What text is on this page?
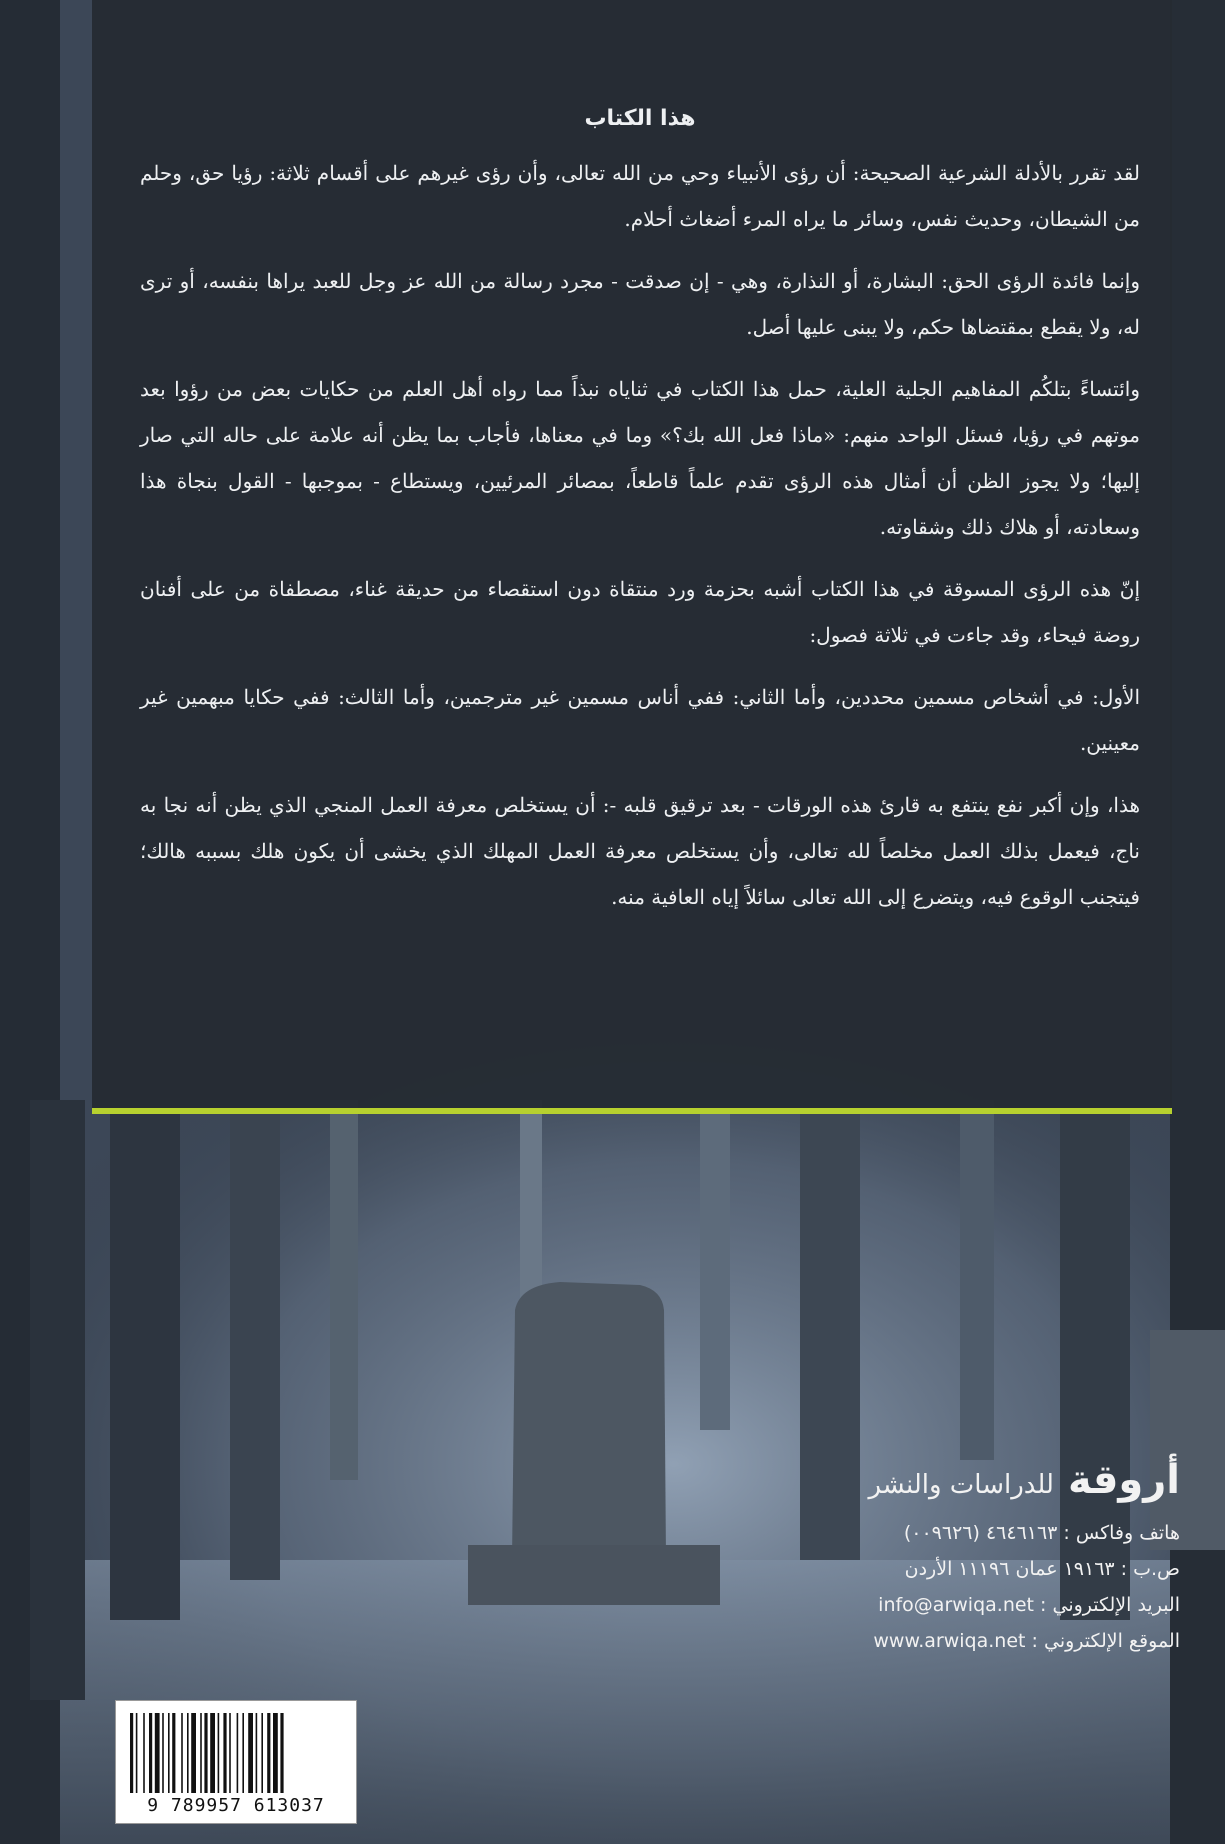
هذا الكتاب

لقد تقرر بالأدلة الشرعية الصحيحة: أن رؤى الأنبياء وحي من الله تعالى، وأن رؤى غيرهم على أقسام ثلاثة: رؤيا حق، وحلم من الشيطان، وحديث نفس، وسائر ما يراه المرء أضغاث أحلام.

وإنما فائدة الرؤى الحق: البشارة، أو النذارة، وهي - إن صدقت - مجرد رسالة من الله عز وجل للعبد يراها بنفسه، أو ترى له، ولا يقطع بمقتضاها حكم، ولا يبنى عليها أصل.

وائتساءً بتلكُم المفاهيم الجلية العلية، حمل هذا الكتاب في ثناياه نبذاً مما رواه أهل العلم من حكايات بعض من رؤوا بعد موتهم في رؤيا، فسئل الواحد منهم: «ماذا فعل الله بك؟» وما في معناها، فأجاب بما يظن أنه علامة على حاله التي صار إليها؛ ولا يجوز الظن أن أمثال هذه الرؤى تقدم علماً قاطعاً، بمصائر المرئيين، ويستطاع - بموجبها - القول بنجاة هذا وسعادته، أو هلاك ذلك وشقاوته.

إنّ هذه الرؤى المسوقة في هذا الكتاب أشبه بحزمة ورد منتقاة دون استقصاء من حديقة غناء، مصطفاة من على أفنان روضة فيحاء، وقد جاءت في ثلاثة فصول:

الأول: في أشخاص مسمين محددين، وأما الثاني: ففي أناس مسمين غير مترجمين، وأما الثالث: ففي حكايا مبهمين غير معينين.

هذا، وإن أكبر نفع ينتفع به قارئ هذه الورقات - بعد ترقيق قلبه -: أن يستخلص معرفة العمل المنجي الذي يظن أنه نجا به ناج، فيعمل بذلك العمل مخلصاً لله تعالى، وأن يستخلص معرفة العمل المهلك الذي يخشى أن يكون هلك بسببه هالك؛ فيتجنب الوقوع فيه، ويتضرع إلى الله تعالى سائلاً إياه العافية منه.

أروقة
للدراسات والنشر
هاتف وفاكس : ٤٦٤٦١٦٣ (٠٠٩٦٢٦)
ص.ب : ١٩١٦٣ عمان ١١١٩٦ الأردن
البريد الإلكتروني : info@arwiqa.net
الموقع الإلكتروني : www.arwiqa.net
9 789957 613037
